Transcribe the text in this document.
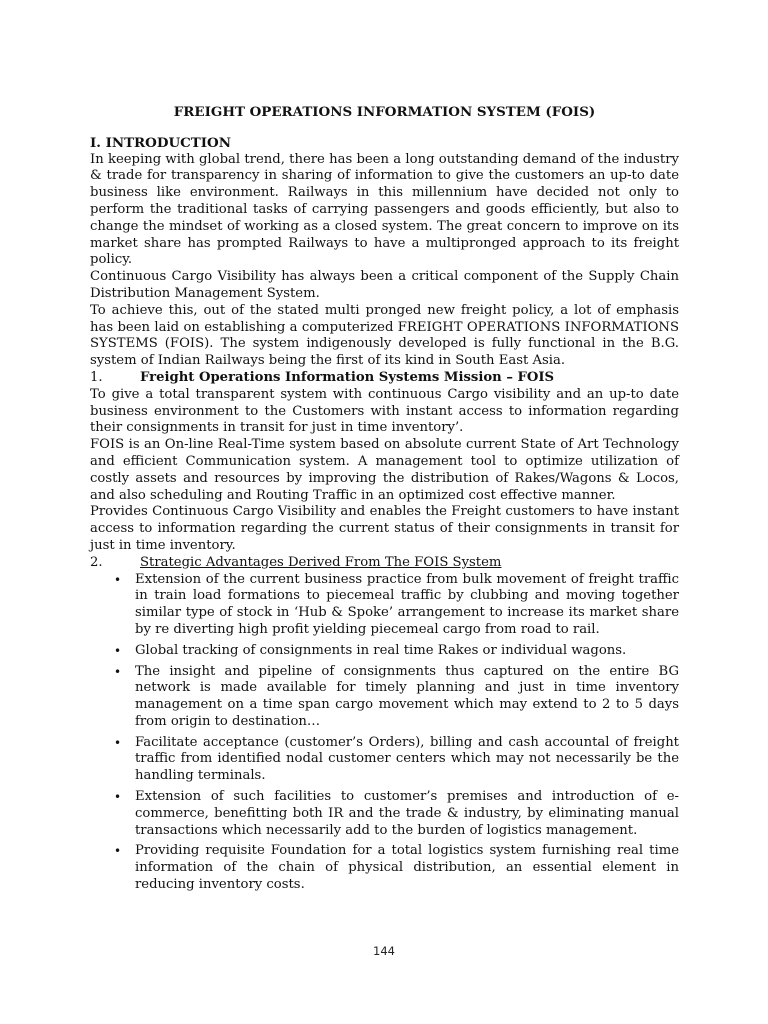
FREIGHT OPERATIONS INFORMATION SYSTEM (FOIS)
I. INTRODUCTION

In keeping with global trend, there has been a long outstanding demand of the industry & trade for transparency in sharing of information to give the customers an up-to date business like environment. Railways in this millennium have decided not only to perform the traditional tasks of carrying passengers and goods efficiently, but also to change the mindset of working as a closed system. The great concern to improve on its market share has prompted Railways to have a multipronged approach to its freight policy.

Continuous Cargo Visibility has always been a critical component of the Supply Chain Distribution Management System.

To achieve this, out of the stated multi pronged new freight policy, a lot of emphasis has been laid on establishing a computerized FREIGHT OPERATIONS INFORMATIONS SYSTEMS (FOIS). The system indigenously developed is fully functional in the B.G. system of Indian Railways being the first of its kind in South East Asia.

1.	Freight Operations Information Systems Mission – FOIS

To give a total transparent system with continuous Cargo visibility and an up-to date business environment to the Customers with instant access to information regarding their consignments in transit for just in time inventory’.

FOIS is an On-line Real-Time system based on absolute current State of Art Technology and efficient Communication system. A management tool to optimize utilization of costly assets and resources by improving the distribution of Rakes/Wagons & Locos, and also scheduling and Routing Traffic in an optimized cost effective manner.

Provides Continuous Cargo Visibility and enables the Freight customers to have instant access to information regarding the current status of their consignments in transit for just in time inventory.

2.	Strategic Advantages Derived From The FOIS System
• Extension of the current business practice from bulk movement of freight traffic in train load formations to piecemeal traffic by clubbing and moving together similar type of stock in ‘Hub & Spoke’ arrangement to increase its market share by re diverting high profit yielding piecemeal cargo from road to rail.
• Global tracking of consignments in real time Rakes or individual wagons.
• The insight and pipeline of consignments thus captured on the entire BG network is made available for timely planning and just in time inventory management on a time span cargo movement which may extend to 2 to 5 days from origin to destination…
• Facilitate acceptance (customer’s Orders), billing and cash accountal of freight traffic from identified nodal customer centers which may not necessarily be the handling terminals.
• Extension of such facilities to customer’s premises and introduction of e-commerce, benefitting both IR and the trade & industry, by eliminating manual transactions which necessarily add to the burden of logistics management.
• Providing requisite Foundation for a total logistics system furnishing real time information of the chain of physical distribution, an essential element in reducing inventory costs.
144
